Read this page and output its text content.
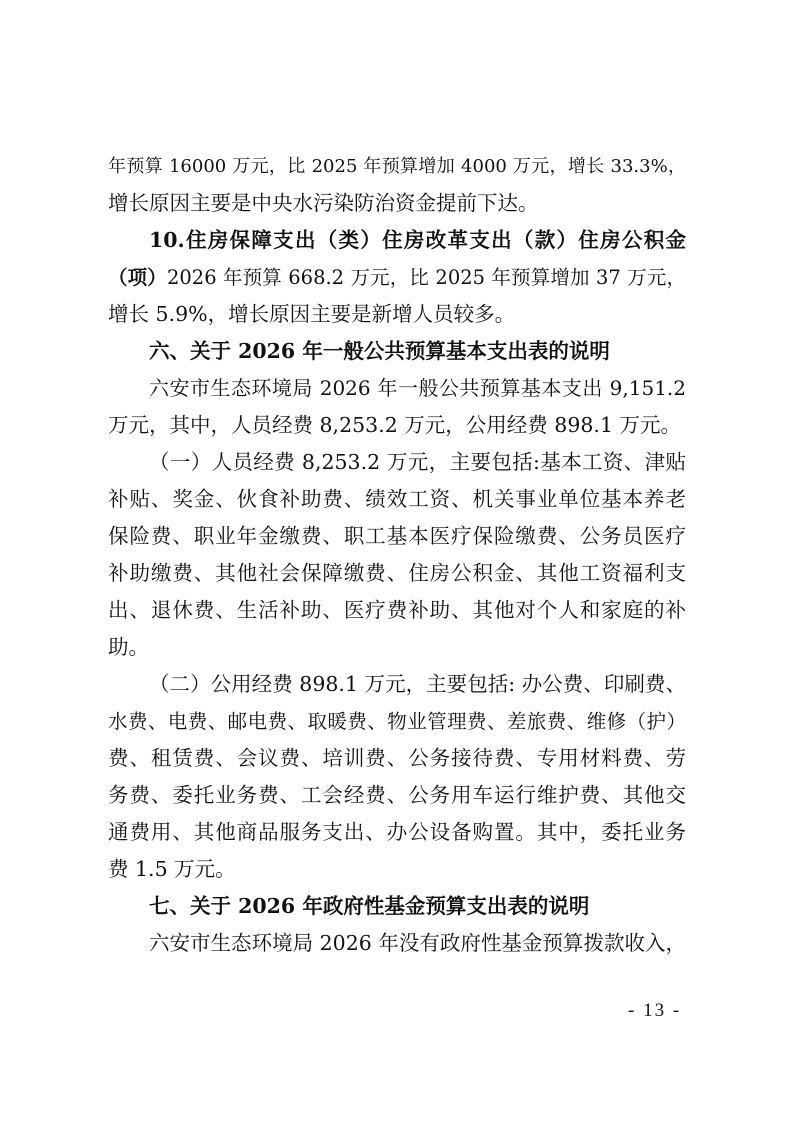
年预算 16000 万元，比 2025 年预算增加 4000 万元，增长 33.3%，
增长原因主要是中央水污染防治资金提前下达。
10.住房保障支出（类）住房改革支出（款）住房公积金
（项）2026 年预算 668.2 万元，比 2025 年预算增加 37 万元，
增长 5.9%，增长原因主要是新增人员较多。
六、关于 2026 年一般公共预算基本支出表的说明
六安市生态环境局 2026 年一般公共预算基本支出 9,151.2
万元，其中，人员经费 8,253.2 万元，公用经费 898.1 万元。
（一）人员经费 8,253.2 万元，主要包括:基本工资、津贴
补贴、奖金、伙食补助费、绩效工资、机关事业单位基本养老
保险费、职业年金缴费、职工基本医疗保险缴费、公务员医疗
补助缴费、其他社会保障缴费、住房公积金、其他工资福利支
出、退休费、生活补助、医疗费补助、其他对个人和家庭的补
助。
（二）公用经费 898.1 万元，主要包括: 办公费、印刷费、
水费、电费、邮电费、取暖费、物业管理费、差旅费、维修（护）
费、租赁费、会议费、培训费、公务接待费、专用材料费、劳
务费、委托业务费、工会经费、公务用车运行维护费、其他交
通费用、其他商品服务支出、办公设备购置。其中，委托业务
费 1.5 万元。
七、关于 2026 年政府性基金预算支出表的说明
六安市生态环境局 2026 年没有政府性基金预算拨款收入，
- 13 -
